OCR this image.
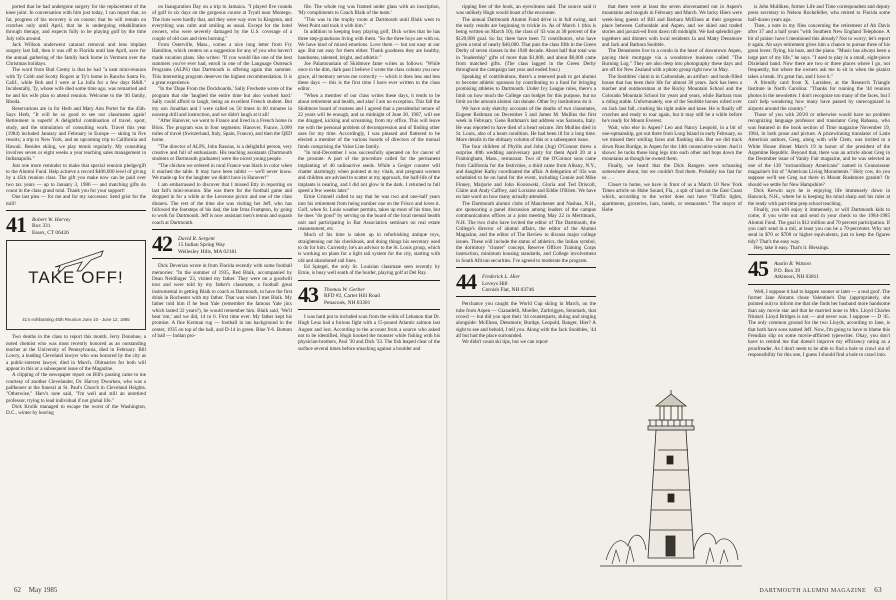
ported that he had undergone surgery for the replacement of the knee joint. In conversation with him just today, I can report that, so far, progress of his recovery is on course; that he will remain on crutches only until April, that he is undergoing rehabilitation through therapy, and expects fully to be playing golf by the time July rolls around.

Jack Willson underwent cataract removal and lens implant surgery last fall, then it was off to Florida until late April, save for the annual gathering of the family back home in Vermont over the Christmas holidays.

The word from Bud Cremy is that he had "a neat mini-reunion with Ty Cobb and Scotty Rogers at Ty's home in Rancho Santa Fe, Calif., while Bob and I were at La Jolla for a few days R&R." Incidentally, Ty, whose wife died some time ago, was remarried and he and his wife plan to attend reunion. Welcome to the '40 family, Rhoda.

Reservations are in for Herb and Mary Ann Porter for the 45th. Says Herb, "It will be so good to see our classmates again! Retirement is superb! A delightful combination of travel, sport, study, and the stimulation of consulting work. Travel this year (1984) included January and February in Europe — skiing in five resorts; a trip to New York, and an upcoming trip to California and Hawaii. Besides skiing, we play tennis regularly. My consulting involves seven or eight weeks a year teaching sales management in Indianapolis."

Just one more reminder to make that special reunion pledge/gift to the Alumni Fund. Help achieve a record $400,000 level of giving by a 45th reunion class. The gift you make now can be paid over two tax years — up to January 3, 1986 — and matching gifts do count in the class grand total. Thank you for your support!

One last plea — for me and for my successor. Send grist for the mill!

41 Robert W. Harvey
Box 331
Essex, CT 06426
TAKE OFF!
41's exhilarating 45th Reunion June 10 - June 12, 1985

Two deaths in the class to report this month. Jerry Donohue, a noted chemist who was most recently honored as an outstanding teacher at the University of Pennsylvania, died in February. Bill Lowry, a leading Cleveland lawyer who was honored by the city as a public-interest lawyer, died in March. Obituaries for both will appear in this or a subsequent issue of the Magazine.

A clipping of the newspaper report on Bill's passing came to me courtesy of another Clevelander, Dr. Harvey Dworken, who was a pallbearer at the funeral at St. Paul's Church in Cleveland Heights. "Otherwise," Harv's note said, "I'm well and still an unretired professor, trying to lead individual if not global life."

Dick Krolik managed to escape the worst of the Washington, D.C., winter by leaving

on Inauguration Day on a trip to Jamaica. "I played five rounds of golf in six days on the gorgeous course at Tryall near Montego. The riots were hardly that, and they were way over in Kingston, and everything was calm and smiling as usual. Except for the hotel owners, who were severely damaged by the U.S. coverage of a couple of old cars and tires burning."

From Osterville, Mass., comes a nice long letter from Fry Hamilton, which centers on a suggestion for any of you who haven't made vacation plans. She writes: "If you would like one of the best summers you've ever had, enroll in one of the Language Outreach Programs (ALPS) that Dartmouth is offering again this summer. This interesting program deserves the highest recommendation. It is a great experience.

"In the 'Dope From the Dockboards,' Sally Frechette wrote of the program that she 'laughed the entire time but also worked hard.' Sally could afford to laugh, being an excellent French student. But my son Jonathan and I were called on 50 times in 60 minutes in nonstop drill and instruction, and we didn't laugh at it all!

"After Hanover, we went to France and lived in a French home in Blois. The program was in four segments: Hanover, France, 3,000 miles of travel (Switzerland, Italy, Spain, France), and then the QED home.

"The director of ALPS, John Rassias, is a delightful person, very creative and full of enthusiasm. His teaching assistants (Dartmouth students or Dartmouth graduates) were the nicest young people.

"The chicken we ordered in rural France was black in color when it reached the table. It may have been rabbit — we'll never know. We made up for the laughter we didn't have in Hanover!"

I am embarrassed to discover that I missed Etty in reporting on last fall's mini-reunion. She was there for the football game and dropped in for a while at the Leverone picnic and one of the class dinners. The rest of the time she was visiting her Jeff, who has followed the footsteps of his dad, the late Irma Frampton, by going to work for Dartmouth. Jeff is now assistant men's tennis and squash coach at Dartmouth.

42 David R. Sergent
15 Indian Spring Way
Wellesley Hills, MA 02181

Dick Deverian wrote in from Florida recently with some football memories: "In the summer of 1935, Red Blaik, accompanied by Dean Neidlinger '23, visited my father. They were on a goodwill tour and were told by my father's classmate, a football great instrumental in getting Blaik to coach at Dartmouth, to have the first drink in Rochester with my father. That was when I met Blaik. My father told him if he beat Yale (remember the famous Yale jinx which lasted 32 years?), he would remember him. Blaik said, 'We'll beat 'em,' and we did, 14 to 6. First time ever. My father kept his promise. A fine Kerman rug — football in tan background in the center, 1935 on top of the ball, and D-14 in green. Blue Y-6. Bottom of ball — Indian pro-

file. The whole rug was framed under glass with an inscription, 'My compliments to Coach Blaik of the team.'

"This was in the trophy room at Dartmouth until Blaik went to West Point and took it with him."

In addition to keeping busy playing golf, Dick writes that he has three step-grandsons living with them. "So the three boys are with us. We have kind of mixed emotions. Love them — but not easy at our age. But not easy for them either. Thank goodness they are healthy, handsome, talented, bright, and athletic."

Joe Palamountain of Skidmore fame writes as follows: "While once in the dim, dark past I believe I wrote the class column you now grace, all memory serves me correctly — which it does less and less these days — this is the first time I have ever written to the class editor.

"When a member of our class writes these days, it tends to be about retirement and health, and alas! I am no exception. This fall the Skidmore board of trustees and I agreed that a presidential tenure of 22 years will be enough, and so midnight of June 30, 1987, will see me dragged, kicking and screaming, from my office. This will leave me with the personal problem of decompression and of finding other uses for my time. Accordingly, I was pleased and flattered to be elected a member of the various boards of directors of the mutual funds comprising the Value Line family.

"In mid-December I was successfully operated on for cancer of the prostate. A part of the procedure called for the permanent implanting of 46 radioactive seeds. While a Geiger counter will chatter alarmingly when pointed at my vitals, and pregnant women and children are advised to scatter at my approach, the half-life of the implants is nearing, and I did not glow in the dark. I returned to full speed a few weeks later."

Ernie Grinnell called to say that he was two and one-half years into his retirement from being number one on the Frisco and loves it. Golf, when St. Louis weather permits, takes up most of his time, but he does "do good" by serving on the board of the local mental health unit and participating in Bar Association seminars on real estate reassessment, etc.

Much of his time is taken up in refurbishing antique toys, straightening out his checkbook, and doing things his secretary used to do for him. Currently, he's an advisor to the St. Louis group, which is working on plans for a light rail system for the city, starting with old and abandoned rail lines.

Ed Spiegel, the only St. Louisian classmate seen recently by Ernie, is busy well south of the border, playing golf at Del Ray.

43 Thomas W. Gerber
RFD #2, Carter Hill Road
Penacook, NH 03301

I was hard put to included scan from the wilds of Lebanon that Dr. Hugh Leuz had a furious fight with a 15-pound Atlantic salmon last August and lost. According to the account from a source who asked not to be identified, Hugh hooked the monster while fishing with his physician-brothers, Paul '30 and Dick '33. The fish leaped clear of the surface several times before smacking against a boulder and

62 May 1985

ripping free of the hook, an eyewitness said. The source said it was unlikely Hugh would boast of the encounter.

The annual Dartmouth Alumni Fund drive is in full swing, and the early results are beginning to trickle in. As of March 1 (this is being written on March 10), the class of '43 was at 38 percent of the $120,000 goal. So far, there have been 72 contributors, who have given a total of nearly $46,000. That puts the class fifth in the Green Derby of seven classes in the 1940 decade. About half that total was in "leadership" gifts of more than $1,000, and about $6,000 came from matched gifts. (The class lagged in the Green Derby throughout the campaign last year and ended four.)

Speaking of contributions, there's a renewed push to get alumni to become athletic sponsors by contributing to a fund for bringing promising athletes to Dartmouth. Under Ivy League rules, there's a limit on how much the College can budget for this purpose, but no limit on the amount alumni can donate. Other Ivy institutions do it.

We have only sketchy accounts of the deaths of two classmates, Eugene Rothman on December 5 and James M. Mullins the first week in February. Gene Rothman's last address was Sarasota, Italy. He was reported to have died of a heart seizure. Jim Mullins died in St. Louis, also of a heart condition. He had been ill for a long time. More details in the obituary column of this or a subsequent issue.

The four children of Phyllis and John (Jug) O'Connor threw a surprise 40th wedding anniversary party for them April 20 at a Framingham, Mass., restaurant. Two of the O'Connor sons came from California for the festivities, a third came from Albany, N.Y., and daughter Kathy coordinated the affair. A delegation of '43s was scheduled to be on hand for the event, including Connie and Mike Finney, Marjorie and John Kooiswski, Gloria and Ted Driscoll, Claire and Andy Caffrey, and Lorraine and Eddie O'Brien. We have no late word on how many actually attended.

The Dartmouth alumni clubs of Manchester and Nashua, N.H., are sponsoring a panel discussion among leaders of the campus communications offices at a joint meeting May 22 in Merrimack, N.H. The two clubs have invited the editor of The Dartmouth, the College's director of alumni affairs, the editor of the Alumni Magazine, and the editor of The Review to discuss major college issues. These will include the status of athletics, the Indian symbol, the dormitory "cluster" concept, Reserve Officer Training Corps instruction, minimum housing standards, and College involvement in South African securities. I've agreed to moderate the program.

44 Frederick L. Hier
Loveys Hill
Cornish Flat, NH 03746

Perchance you caught the World Cup skiing in March, on the tube from Aspen — Gianadelli, Moeller, Zurbriggen, Stenmark, that crowd — but did you spot their '44 counterparts, skiing and singing alongside: McElnea, Densmore, Burdge, Leopold, Ranger, Hier? A sight to see and behold, I tell you. Along with the Jack Snobbles, '44 all but had the place surrounded.

We didn't count ski tips, but we can report

that there were at least the seven abovenamed out in Aspen's mountains and moguls in February and March. We lucky Hiers were week-long guests of Bill and Barbara McElnea at their gorgeous place between Carbondale and Aspen, and we skied and traded stories and jacuzzi-ed from dawn till midnight. We had splendid get-togethers and dinners with local residents Ja and Matty Densmore and Jack and Barbara Snobble.

The Densmores live in a condo in the heart of downtown Aspen, paying their mortgage via a woodstove business called "The Burning Log." They are also deep into photography these days and are off for New Zealand with a photo group right now in May.

The Snobbles' claim is in Carbondale, an artifact- and book-filled house that has been their life for almost 30 years. Jack has been a teacher and outdoorsman at the Rocky Mountain School and the Colorado Mountain School for years and years, while Barbara runs a riding stable. Unfortunately, one of the Snobble horses rolled over on Jack last fall, crushing his right ankle and knee. He is finally off crutches and ready to roar again, but it may still be a while before he's ready for Mount Everest.

Wait, who else in Aspen? Leo and Nancy Leopold, in a bit of one-upmanship, got out there from Long Island in early February, so we missed their smiling faces and flashing skis. But we did track down Russ Burdge, in Aspen for the 14th consecutive winter. And it shows: he tucks those long legs into each other and hops down the mountains as though he owned them.

Finally, we heard that the Dick Rangers were schussing somewhere about, but we couldn't find them. Probably too fast for us . . .

Closer to home, we have in front of us a March 10 New York Times article on Hobe Sound, Fla., a spit of land on the East Coast which, according to the writer does not have "Traffic lights, apartments, groceries, bars, hotels, or restaurants." The mayor of Hobe

is John Mulliken, former Life and Time correspondent and deputy press secretary to Nelson Rockefeller, who retired to Florida some half-dozen years ago.

Then, a note in my files concerning the retirement of Ab Davis after 37 and a half years "with Southern New England Telephone. A bit of praise: have I mentioned this already? Not to worry; let's report it again. Ab says retirement gives him a chance to pursue three of his great loves: flying, his boat, and the piano. "Music has always been a large part of my life," he says. "I used to play in a small, eight-piece Dixieland band. Now there are two or three places where I go, not frequently, but where the owners ask me to sit in when the pianist takes a break. It's great fun, and I love it."

A friendly card from X. Larrabee, at the Research Triangle Institute in North Carolina: "Thanks for running the '44 reunion photos in the newsletter. I don't recognize too many of the faces, but I can't help wondering how many have passed by unrecognized in airports around the country."

Those of you with 20/20 or otherwise would have no problem recognizing language professor and translator Greg Rabassa, who was featured in the book section of Time magazine November 19, 1984, in both prose and picture. A prizewinning translator of Latin American authors, Greg, along with wife Clem, was invited to a White House dinner March 19 in honor of the president of the Argentine Republic. Beyond that, there was an article about Greg in the December issue of Vanity Fair magazine, and he was selected as one of the 130 "extraordinary Americans" named in Connoisseur magazine's list of "American Living Monuments." Holy cow, do you suppose we'll see Greg out there in Mount Rushmore granite? Or should we settle for New Hampshire?

Dick Kerwin says he is enjoying life immensely down in Hancock, N.H., where he is keeping his mind sharp and his ruler at the ready with part-time prep school teaching.

Finally, you will enjoy it immensely, or will Dartmouth kids to come, if you write out and send in your check to the 1984-1985 Alumni Fund. The goal is $12 million and 70 percent participation. If you can't send in a mil, at least you can be a 70-percenter. Why not send in $70 or $700 or higher equivalents, just to keep the figures tidy? That's the easy way.

Hey, take it easy. That's it. Blessings.

45 Austin B. Watson
P.O. Box 39
Atkinson, NH 03811

Well, I suppose it had to happen sooner or later — a real goof. The former Jane Abrams chose Valentine's Day (appropriately, she pointed out) to inform me that she finds her husband more handsome than any movie star and that he married none to Mrs. Lloyd Charles Nintzel. Lloyd Bridges is not — and never was. I suppose — D '45. The only common ground for the two Lloyds, according to Jane, is that both have sons named Jeff. Now, I'm going to have to blame this Freudian slip on some movie-afflicted typewriter. Okay, you don't have to remind me that doesn't improve my efficiency rating as a proofreader. As I don't seem to be able to find a hole to crawl out of responsibility for this one, I guess I should find a hole to crawl into.

DARTMOUTH ALUMNI MAGAZINE 63
